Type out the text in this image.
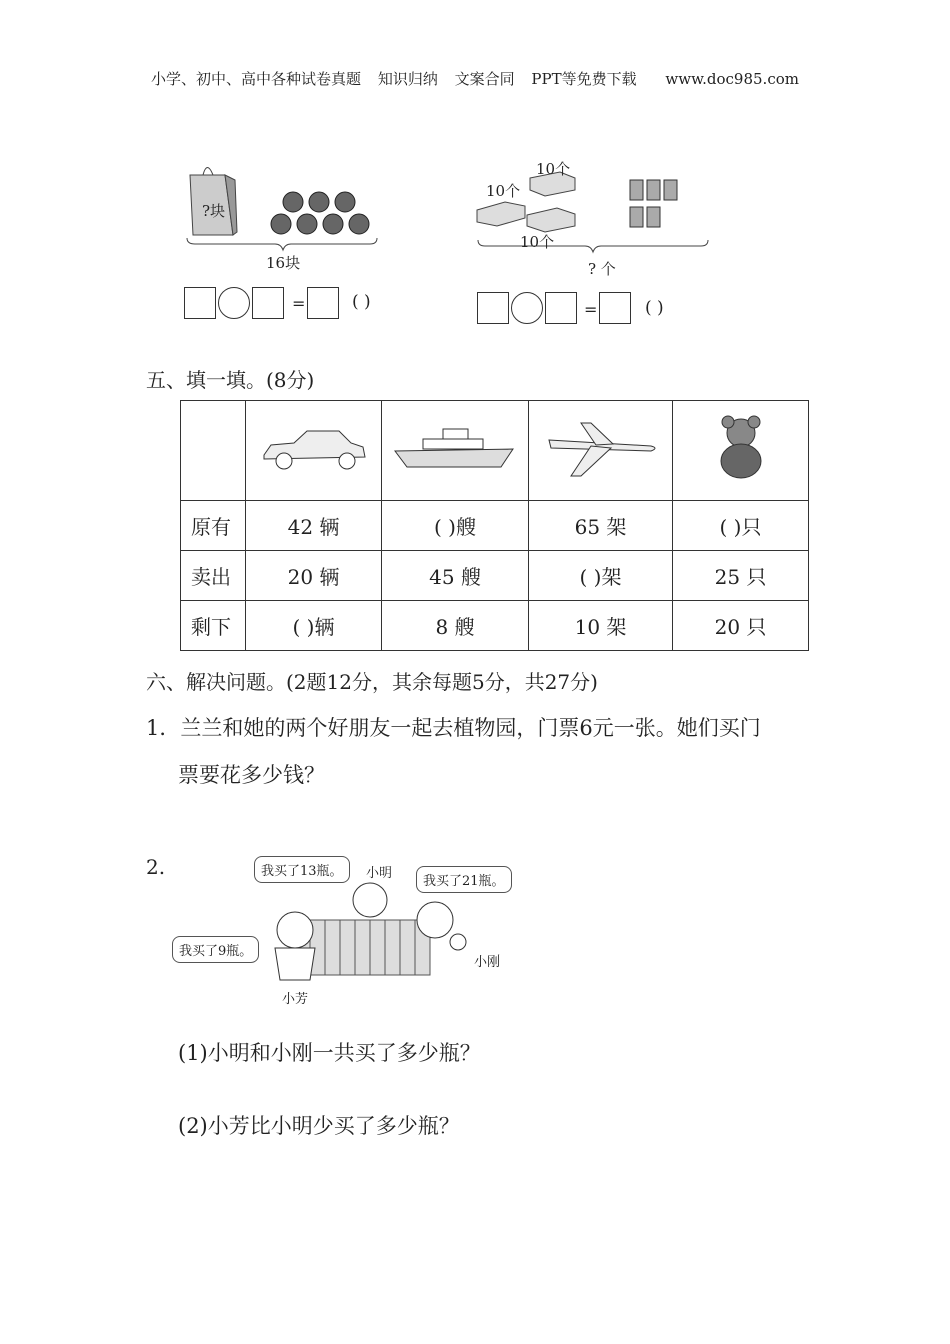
小学、初中、高中各种试卷真题 知识归纳 文案合同 PPT等免费下载 www.doc985.com
?块
16块
=	( )
10个
10个
10个
? 个
=	( )
五、填一填。(8分)

原有	42 辆	( )艘	65 架	( )只
卖出	20 辆	45 艘	( )架	25 只
剩下	( )辆	8 艘	10 架	20 只
六、解决问题。(2题12分，其余每题5分，共27分)
1．兰兰和她的两个好朋友一起去植物园，门票6元一张。她们买门
票要花多少钱？
2.	我买了13瓶。
我买了21瓶。
我买了9瓶。
小明
小刚
小芳
(1)小明和小刚一共买了多少瓶？
(2)小芳比小明少买了多少瓶？
